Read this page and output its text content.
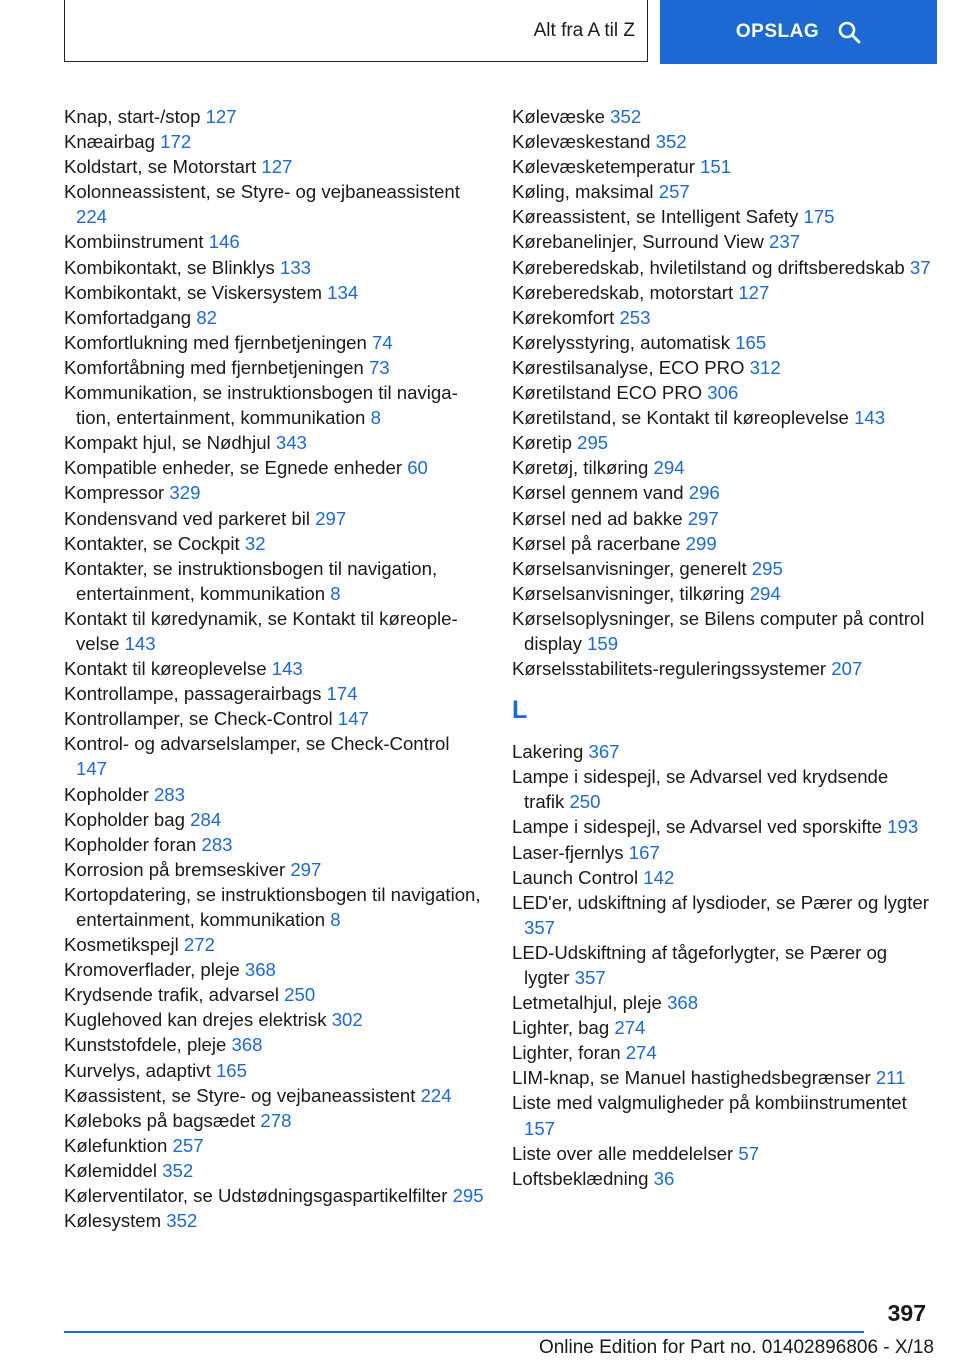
Alt fra A til Z	OPSLAG
Knap, start-/stop 127
Knæairbag 172
Koldstart, se Motorstart 127
Kolonneassistent, se Styre- og vejbaneassistent 224
Kombiinstrument 146
Kombikontakt, se Blinklys 133
Kombikontakt, se Viskersystem 134
Komfortadgang 82
Komfortlukning med fjernbetjeningen 74
Komfortåbning med fjernbetjeningen 73
Kommunikation, se instruktionsbogen til navigation, entertainment, kommunikation 8
Kompakt hjul, se Nødhjul 343
Kompatible enheder, se Egnede enheder 60
Kompressor 329
Kondensvand ved parkeret bil 297
Kontakter, se Cockpit 32
Kontakter, se instruktionsbogen til navigation, entertainment, kommunikation 8
Kontakt til køredynamik, se Kontakt til køreoplevelse 143
Kontakt til køreoplevelse 143
Kontrollampe, passagerairbags 174
Kontrollamper, se Check-Control 147
Kontrol- og advarselslamper, se Check-Control 147
Kopholder 283
Kopholder bag 284
Kopholder foran 283
Korrosion på bremseskiver 297
Kortopdatering, se instruktionsbogen til navigation, entertainment, kommunikation 8
Kosmetikspejl 272
Kromoverflader, pleje 368
Krydsende trafik, advarsel 250
Kuglehoved kan drejes elektrisk 302
Kunststofdele, pleje 368
Kurvelys, adaptivt 165
Køassistent, se Styre- og vejbaneassistent 224
Køleboks på bagsædet 278
Kølefunktion 257
Kølemiddel 352
Kølerventilator, se Udstødningsgaspartikelfilter 295
Kølesystem 352
Kølevæske 352
Kølevæskestand 352
Kølevæsketemperatur 151
Køling, maksimal 257
Køreassistent, se Intelligent Safety 175
Kørebanelinjer, Surround View 237
Køreberedskab, hviletilstand og driftsberedskab 37
Køreberedskab, motorstart 127
Kørekomfort 253
Kørelysstyring, automatisk 165
Kørestilsanalyse, ECO PRO 312
Køretilstand ECO PRO 306
Køretilstand, se Kontakt til køreoplevelse 143
Køretip 295
Køretøj, tilkøring 294
Kørsel gennem vand 296
Kørsel ned ad bakke 297
Kørsel på racerbane 299
Kørselsanvisninger, generelt 295
Kørselsanvisninger, tilkøring 294
Kørselsoplysninger, se Bilens computer på control display 159
Kørselsstabilitets-reguleringssystemer 207
L
Lakering 367
Lampe i sidespejl, se Advarsel ved krydsende trafik 250
Lampe i sidespejl, se Advarsel ved sporskifte 193
Laser-fjernlys 167
Launch Control 142
LED'er, udskiftning af lysdioder, se Pærer og lygter 357
LED-Udskiftning af tågeforlygter, se Pærer og lygter 357
Letmetalhjul, pleje 368
Lighter, bag 274
Lighter, foran 274
LIM-knap, se Manuel hastighedsbegrænser 211
Liste med valgmuligheder på kombiinstrumentet 157
Liste over alle meddelelser 57
Loftsbeklædning 36
397
Online Edition for Part no. 01402896806 - X/18
